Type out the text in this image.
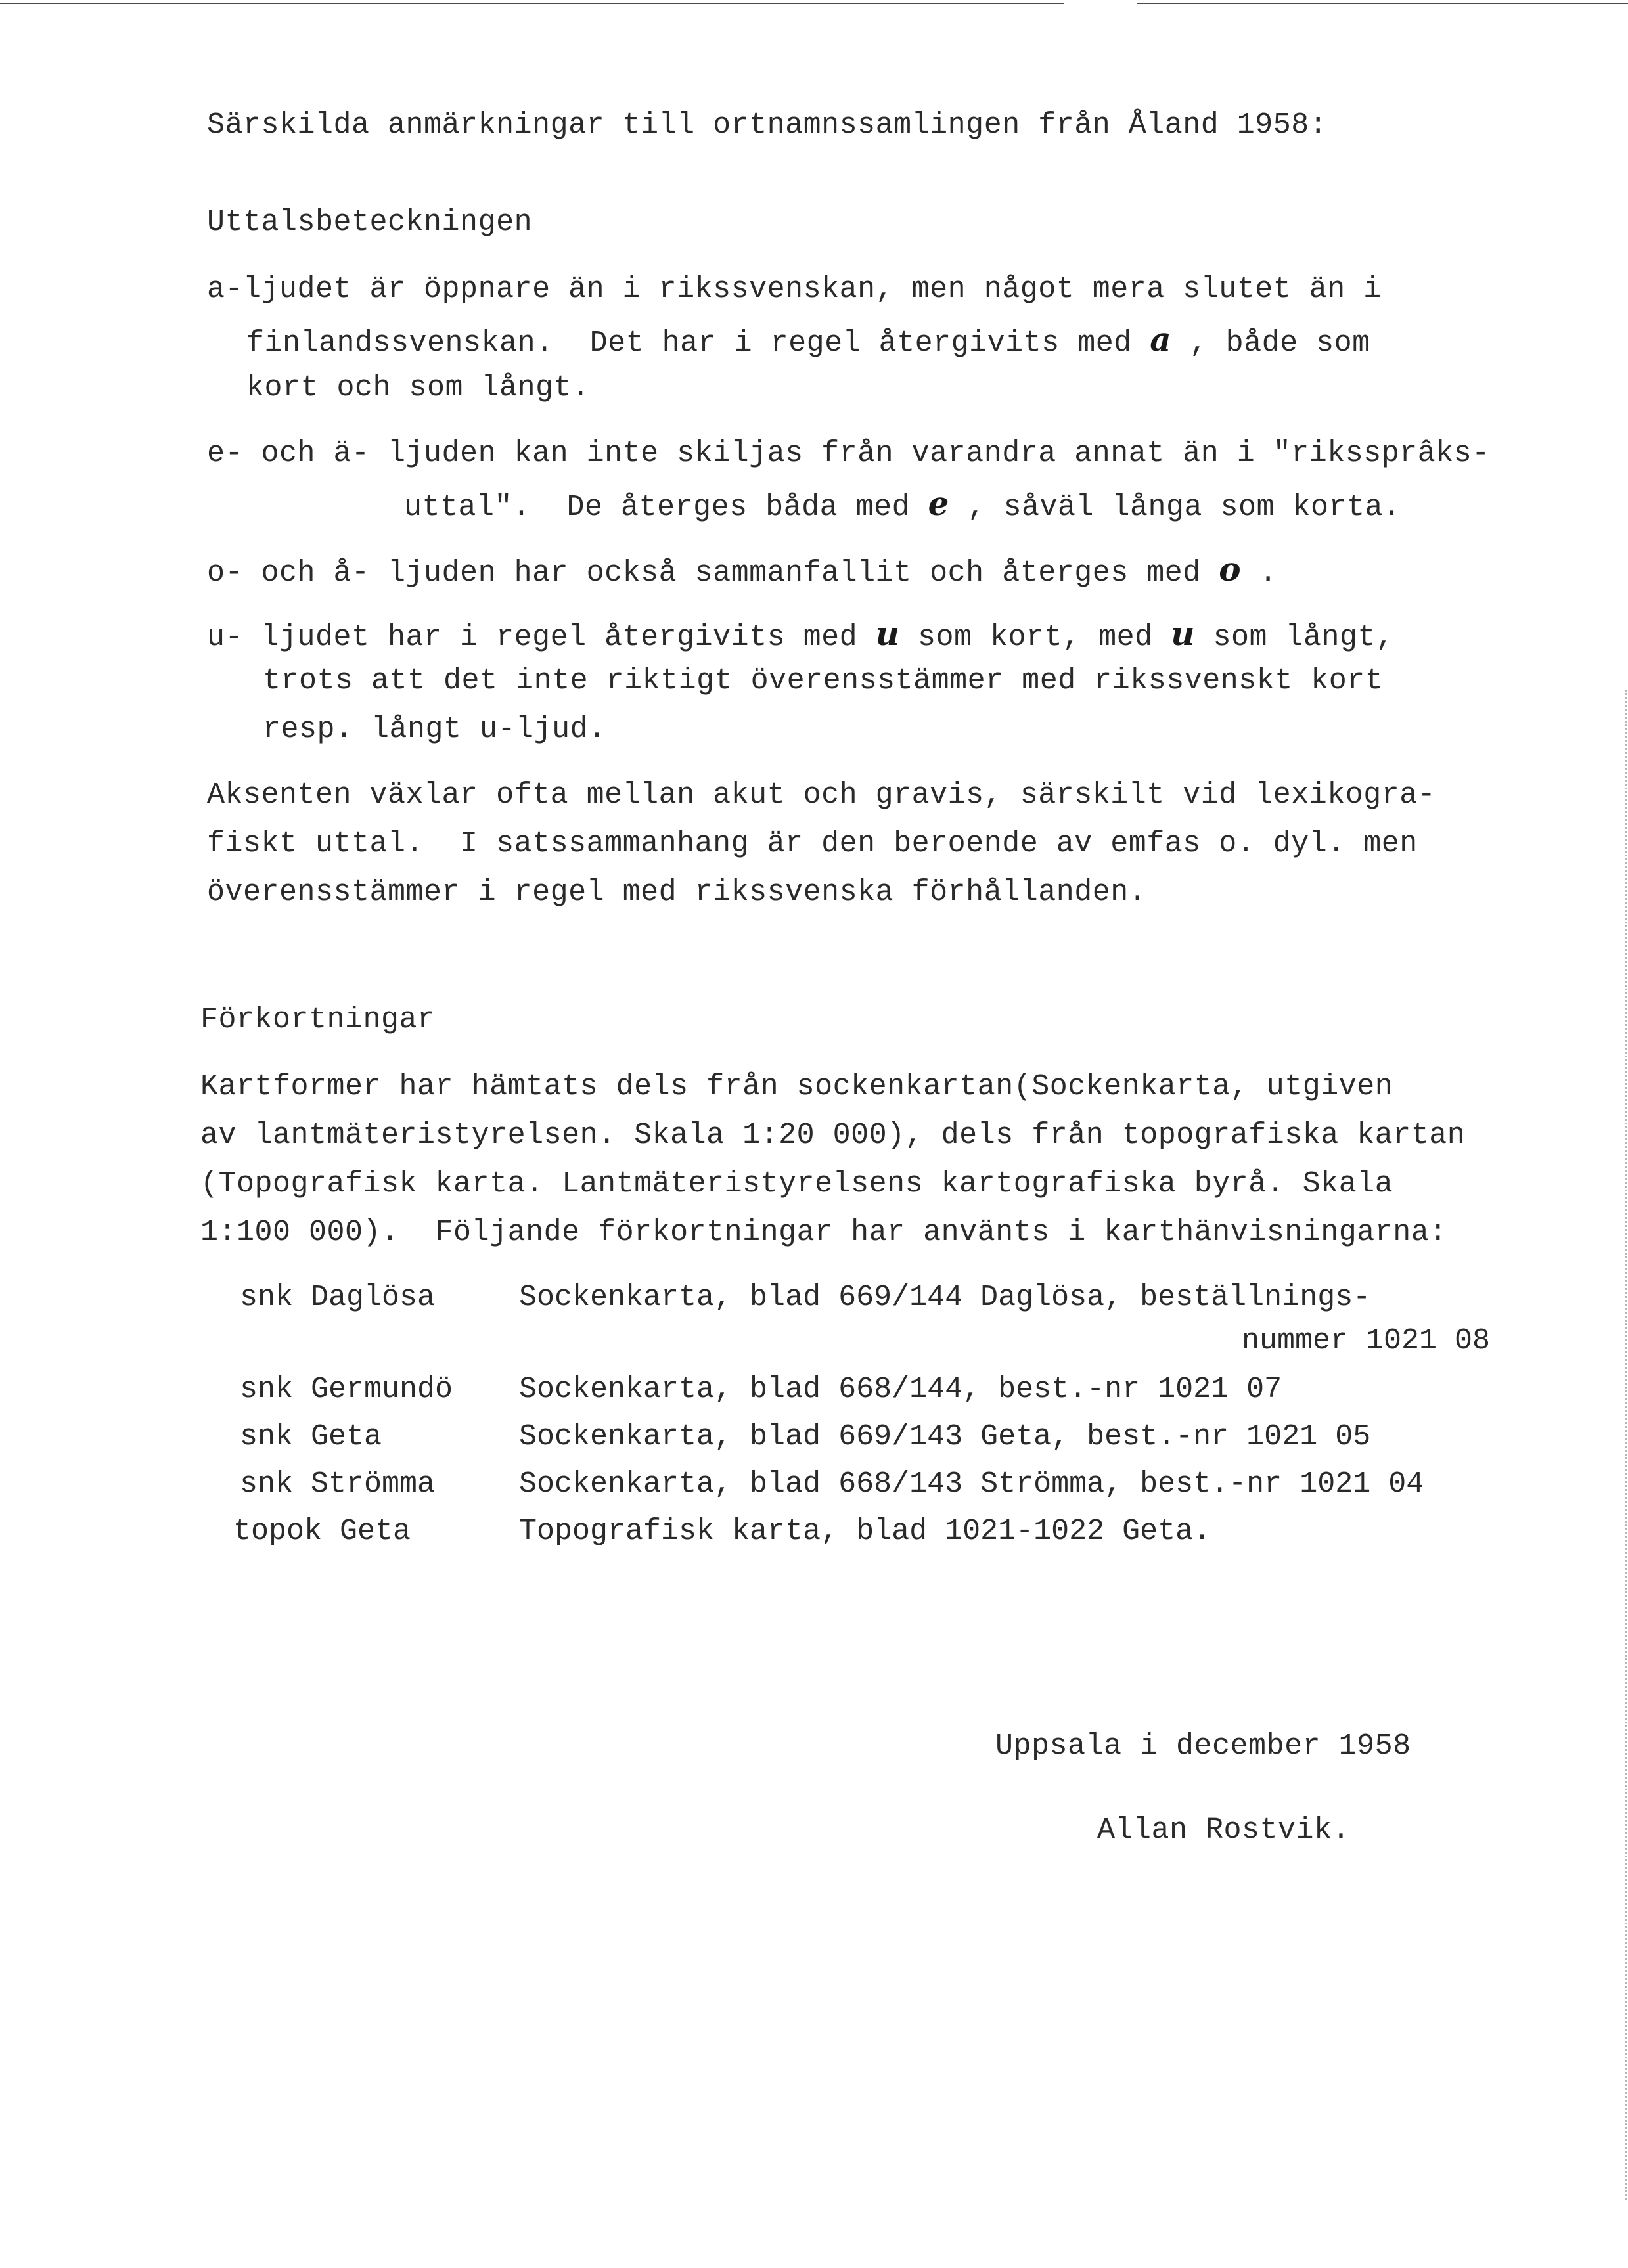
Särskilda anmärkningar till ortnamnssamlingen från Åland 1958:
Uttalsbeteckningen
a-ljudet är öppnare än i rikssvenskan, men något mera slutet än i
finlandssvenskan.  Det har i regel återgivits med a , både som
kort och som långt.
e- och ä- ljuden kan inte skiljas från varandra annat än i "rikssprâks-
uttal".  De återges båda med e , såväl långa som korta.
o- och å- ljuden har också sammanfallit och återges med o .
u- ljudet har i regel återgivits med u som kort, med u som långt,
trots att det inte riktigt överensstämmer med rikssvenskt kort
resp. långt u-ljud.
Aksenten växlar ofta mellan akut och gravis, särskilt vid lexikogra-
fiskt uttal.  I satssammanhang är den beroende av emfas o. dyl. men
överensstämmer i regel med rikssvenska förhållanden.
Förkortningar
Kartformer har hämtats dels från sockenkartan(Sockenkarta, utgiven
av lantmäteristyrelsen. Skala 1:20 000), dels från topografiska kartan
(Topografisk karta. Lantmäteristyrelsens kartografiska byrå. Skala
1:100 000).  Följande förkortningar har använts i karthänvisningarna:
snk Daglösa	Sockenkarta, blad 669/144 Daglösa, beställnings-
nummer 1021 08
snk Germundö Sockenkarta, blad 668/144, best.-nr 1021 07
snk Geta	Sockenkarta, blad 669/143 Geta, best.-nr 1021 05
snk Strömma	Sockenkarta, blad 668/143 Strömma, best.-nr 1021 04
topok Geta	Topografisk karta, blad 1021-1022 Geta.
Uppsala i december 1958
Allan Rostvik.
